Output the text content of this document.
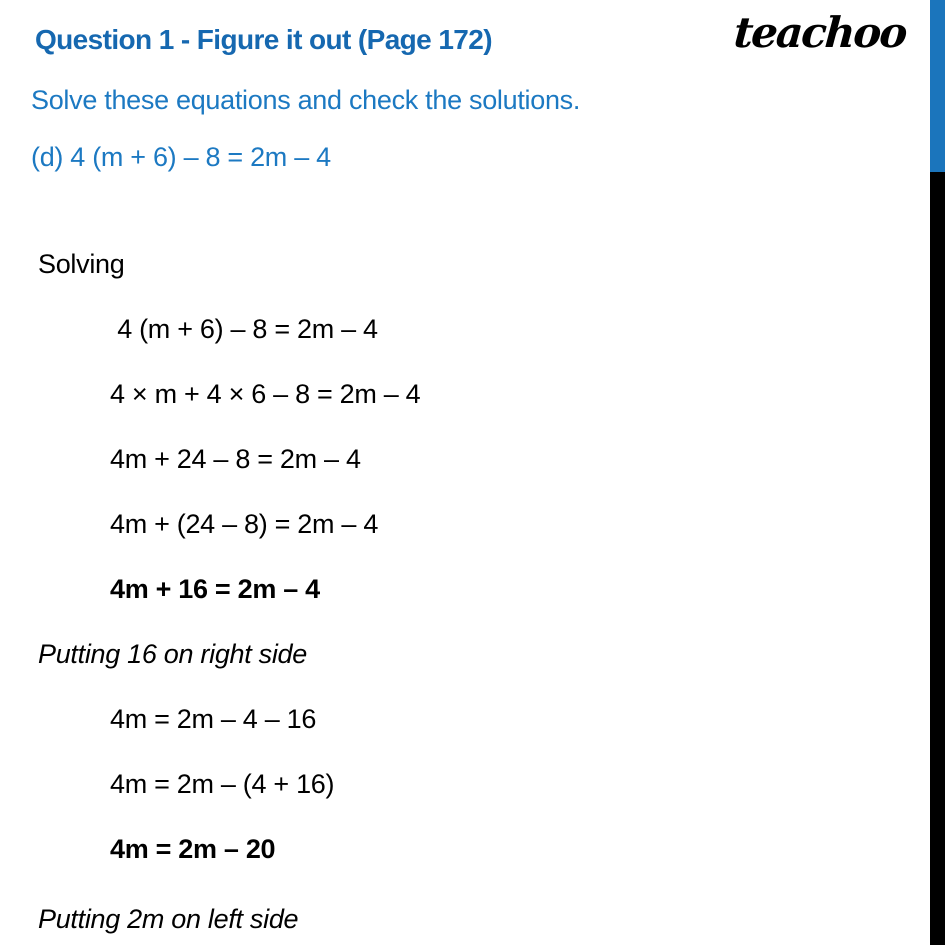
Question 1 - Figure it out (Page 172)	teachoo
Solve these equations and check the solutions.
(d) 4 (m + 6) – 8 = 2m – 4
Solving
4 (m + 6) – 8 = 2m – 4
4 × m + 4 × 6 – 8 = 2m – 4
4m + 24 – 8 = 2m – 4
4m + (24 – 8) = 2m – 4
4m + 16 = 2m – 4
Putting 16 on right side
4m = 2m – 4 – 16
4m = 2m – (4 + 16)
4m = 2m – 20
Putting 2m on left side
